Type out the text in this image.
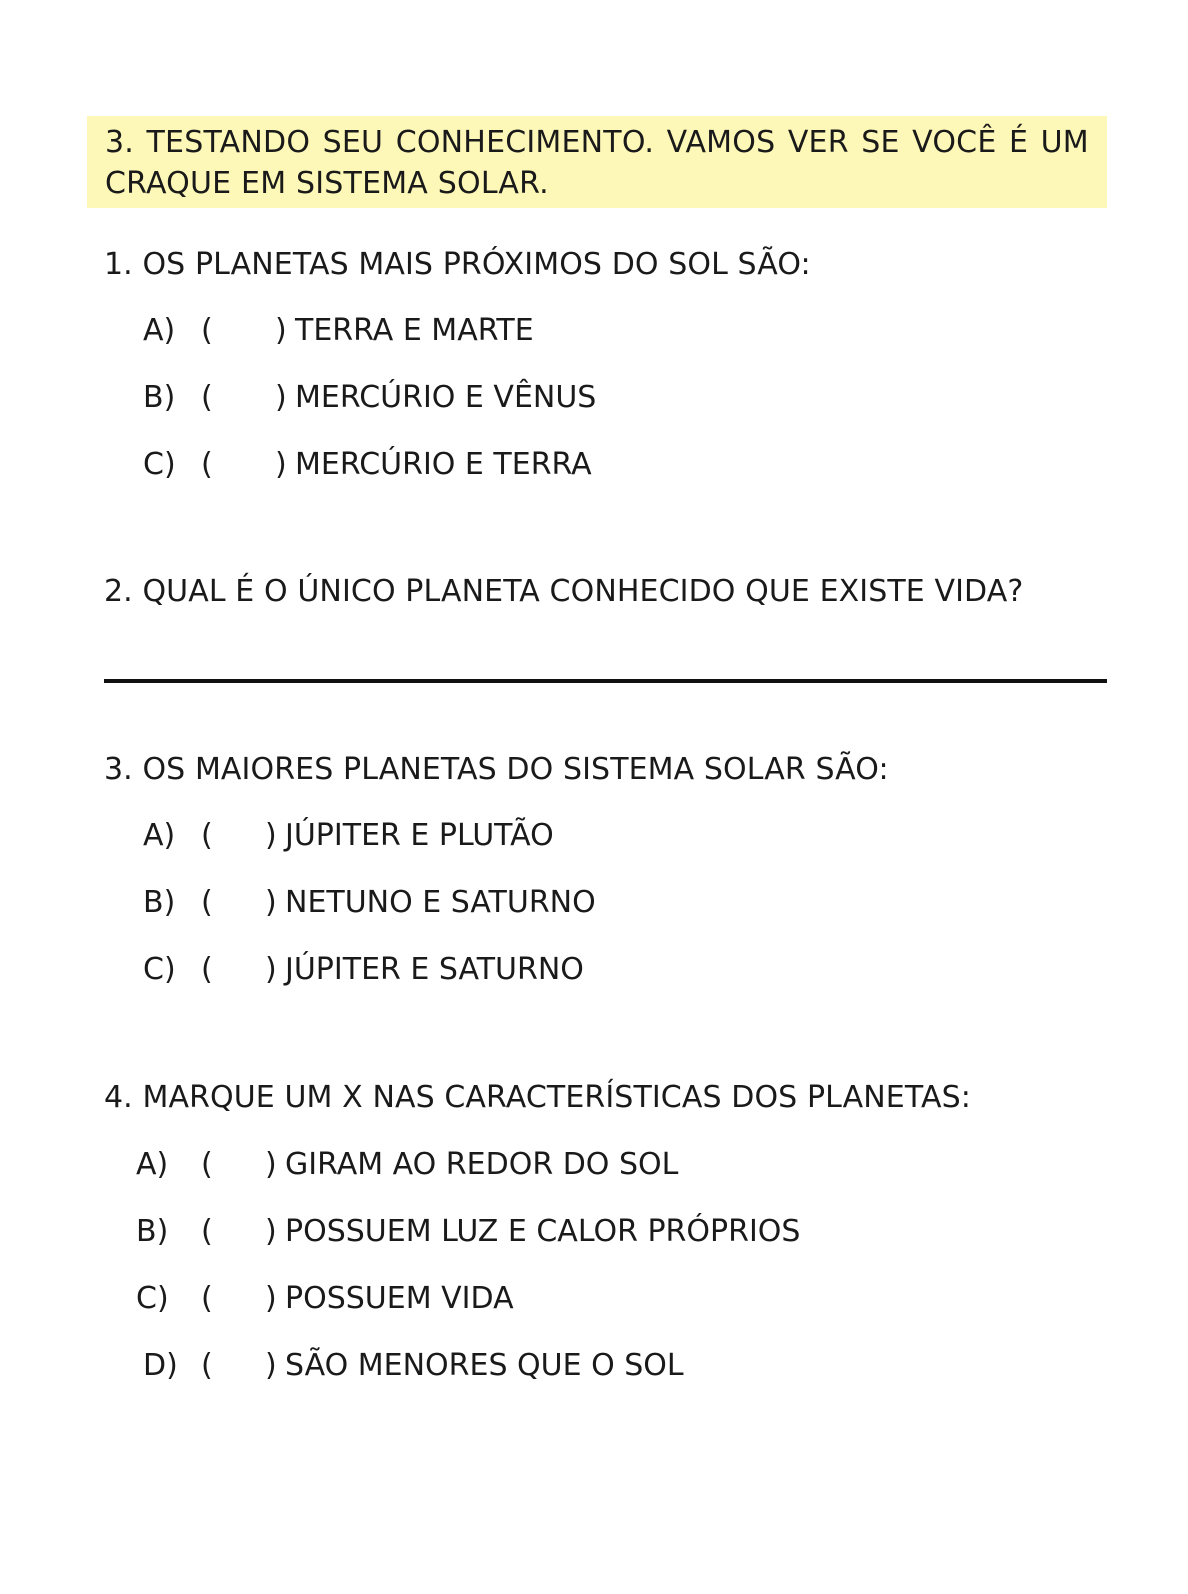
3. TESTANDO SEU CONHECIMENTO. VAMOS VER SE VOCÊ É UM
CRAQUE EM SISTEMA SOLAR.
1. OS PLANETAS MAIS PRÓXIMOS DO SOL SÃO:
A) ( ) TERRA E MARTE
B) ( ) MERCÚRIO E VÊNUS
C) ( ) MERCÚRIO E TERRA
2. QUAL É O ÚNICO PLANETA CONHECIDO QUE EXISTE VIDA?
3. OS MAIORES PLANETAS DO SISTEMA SOLAR SÃO:
A) ( ) JÚPITER E PLUTÃO
B) ( ) NETUNO E SATURNO
C) ( ) JÚPITER E SATURNO
4. MARQUE UM X NAS CARACTERÍSTICAS DOS PLANETAS:
A) ( ) GIRAM AO REDOR DO SOL
B) ( ) POSSUEM LUZ E CALOR PRÓPRIOS
C) ( ) POSSUEM VIDA
D) ( ) SÃO MENORES QUE O SOL
